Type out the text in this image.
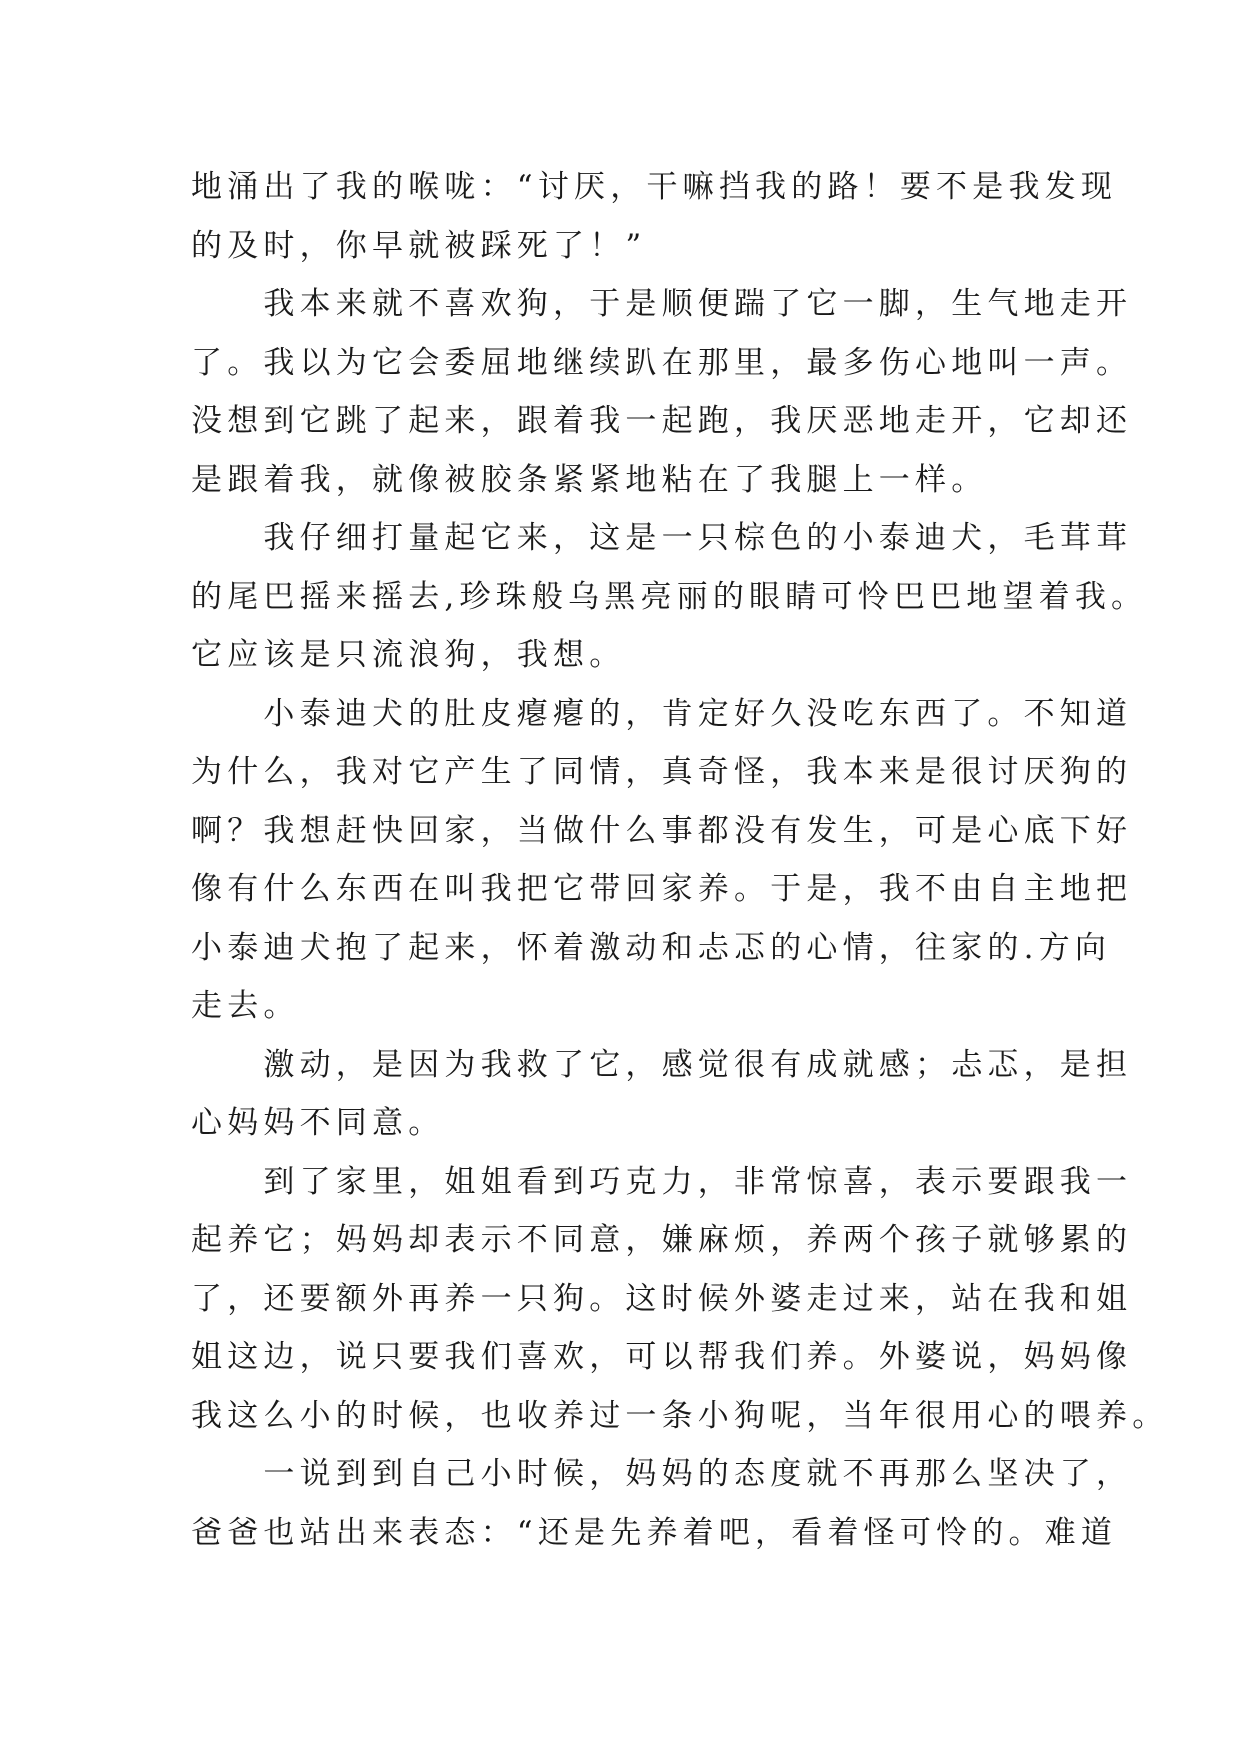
地涌出了我的喉咙：“讨厌，干嘛挡我的路！要不是我发现
的及时，你早就被踩死了！”
　　我本来就不喜欢狗，于是顺便踹了它一脚，生气地走开
了。我以为它会委屈地继续趴在那里，最多伤心地叫一声。
没想到它跳了起来，跟着我一起跑，我厌恶地走开，它却还
是跟着我，就像被胶条紧紧地粘在了我腿上一样。
　　我仔细打量起它来，这是一只棕色的小泰迪犬，毛茸茸
的尾巴摇来摇去,珍珠般乌黑亮丽的眼睛可怜巴巴地望着我。
它应该是只流浪狗，我想。
　　小泰迪犬的肚皮瘪瘪的，肯定好久没吃东西了。不知道
为什么，我对它产生了同情，真奇怪，我本来是很讨厌狗的
啊？我想赶快回家，当做什么事都没有发生，可是心底下好
像有什么东西在叫我把它带回家养。于是，我不由自主地把
小泰迪犬抱了起来，怀着激动和忐忑的心情，往家的.方向
走去。
　　激动，是因为我救了它，感觉很有成就感；忐忑，是担
心妈妈不同意。
　　到了家里，姐姐看到巧克力，非常惊喜，表示要跟我一
起养它；妈妈却表示不同意，嫌麻烦，养两个孩子就够累的
了，还要额外再养一只狗。这时候外婆走过来，站在我和姐
姐这边，说只要我们喜欢，可以帮我们养。外婆说，妈妈像
我这么小的时候，也收养过一条小狗呢，当年很用心的喂养。
　　一说到到自己小时候，妈妈的态度就不再那么坚决了，
爸爸也站出来表态：“还是先养着吧，看着怪可怜的。难道
